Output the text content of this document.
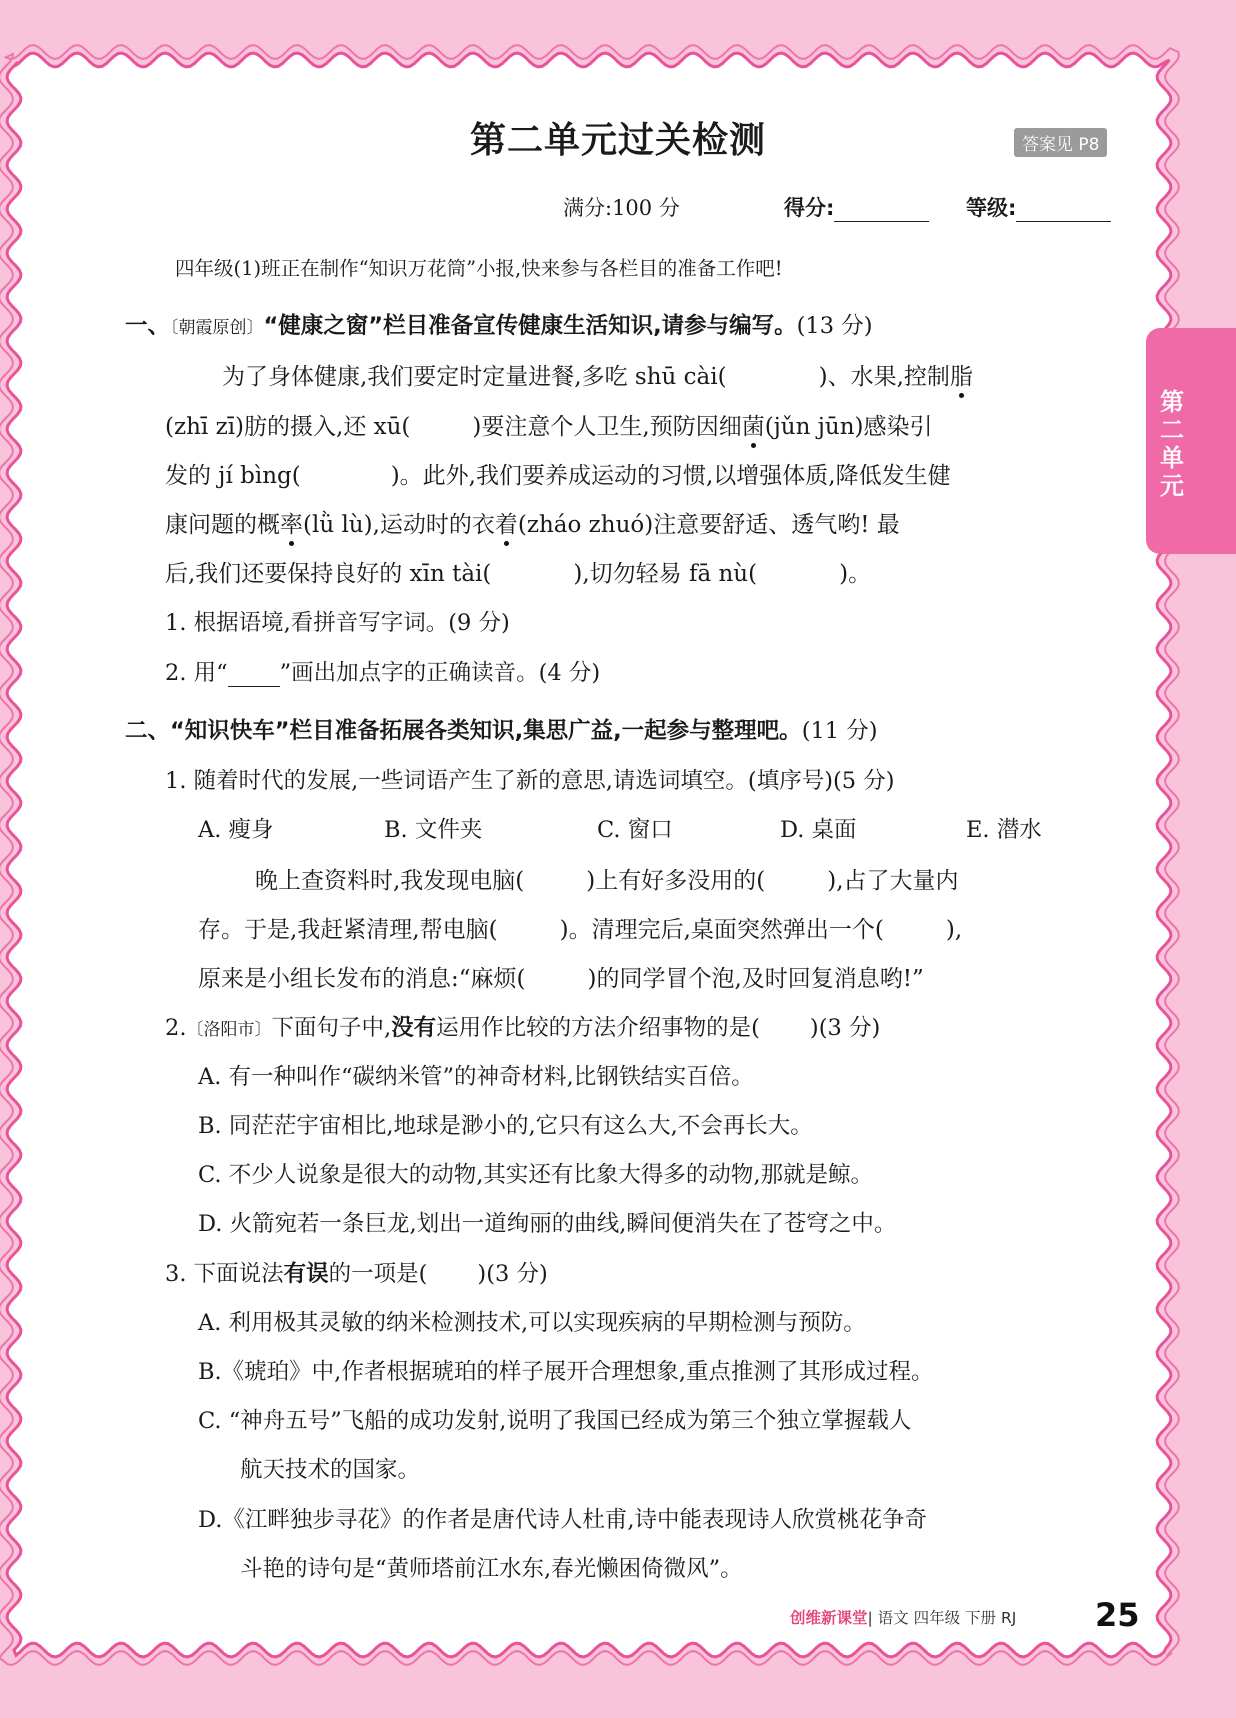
第二单元过关检测	答案见 P8
满分:100 分	得分:	等级:
四年级(1)班正在制作“知识万花筒”小报,快来参与各栏目的准备工作吧!
一、〔朝霞原创〕“健康之窗”栏目准备宣传健康生活知识,请参与编写。(13 分)
为了身体健康,我们要定时定量进餐,多吃 shū cài(	)、水果,控制脂
(zhī zī)肪的摄入,还 xū(	)要注意个人卫生,预防因细菌(jǔn jūn)感染引
发的 jí bìng(	)。此外,我们要养成运动的习惯,以增强体质,降低发生健
康问题的概率(lǜ lù),运动时的衣着(zháo zhuó)注意要舒适、透气哟! 最
后,我们还要保持良好的 xīn tài(	),切勿轻易 fā nù(	)。
1. 根据语境,看拼音写字词。(9 分)
2. 用“ ”画出加点字的正确读音。(4 分)
二、“知识快车”栏目准备拓展各类知识,集思广益,一起参与整理吧。(11 分)
1. 随着时代的发展,一些词语产生了新的意思,请选词填空。(填序号)(5 分)
A. 瘦身	B. 文件夹	C. 窗口	D. 桌面	E. 潜水
晚上查资料时,我发现电脑(	)上有好多没用的(	),占了大量内
存。于是,我赶紧清理,帮电脑(	)。清理完后,桌面突然弹出一个(	),
原来是小组长发布的消息:“麻烦(	)的同学冒个泡,及时回复消息哟!”
2.〔洛阳市〕下面句子中,没有运用作比较的方法介绍事物的是( )(3 分)
A. 有一种叫作“碳纳米管”的神奇材料,比钢铁结实百倍。
B. 同茫茫宇宙相比,地球是渺小的,它只有这么大,不会再长大。
C. 不少人说象是很大的动物,其实还有比象大得多的动物,那就是鲸。
D. 火箭宛若一条巨龙,划出一道绚丽的曲线,瞬间便消失在了苍穹之中。
3. 下面说法有误的一项是( )(3 分)
A. 利用极其灵敏的纳米检测技术,可以实现疾病的早期检测与预防。
B.《琥珀》中,作者根据琥珀的样子展开合理想象,重点推测了其形成过程。
C. “神舟五号”飞船的成功发射,说明了我国已经成为第三个独立掌握载人
航天技术的国家。
D.《江畔独步寻花》的作者是唐代诗人杜甫,诗中能表现诗人欣赏桃花争奇
斗艳的诗句是“黄师塔前江水东,春光懒困倚微风”。
创维新课堂| 语文 四年级 下册 RJ 25
第二单元
